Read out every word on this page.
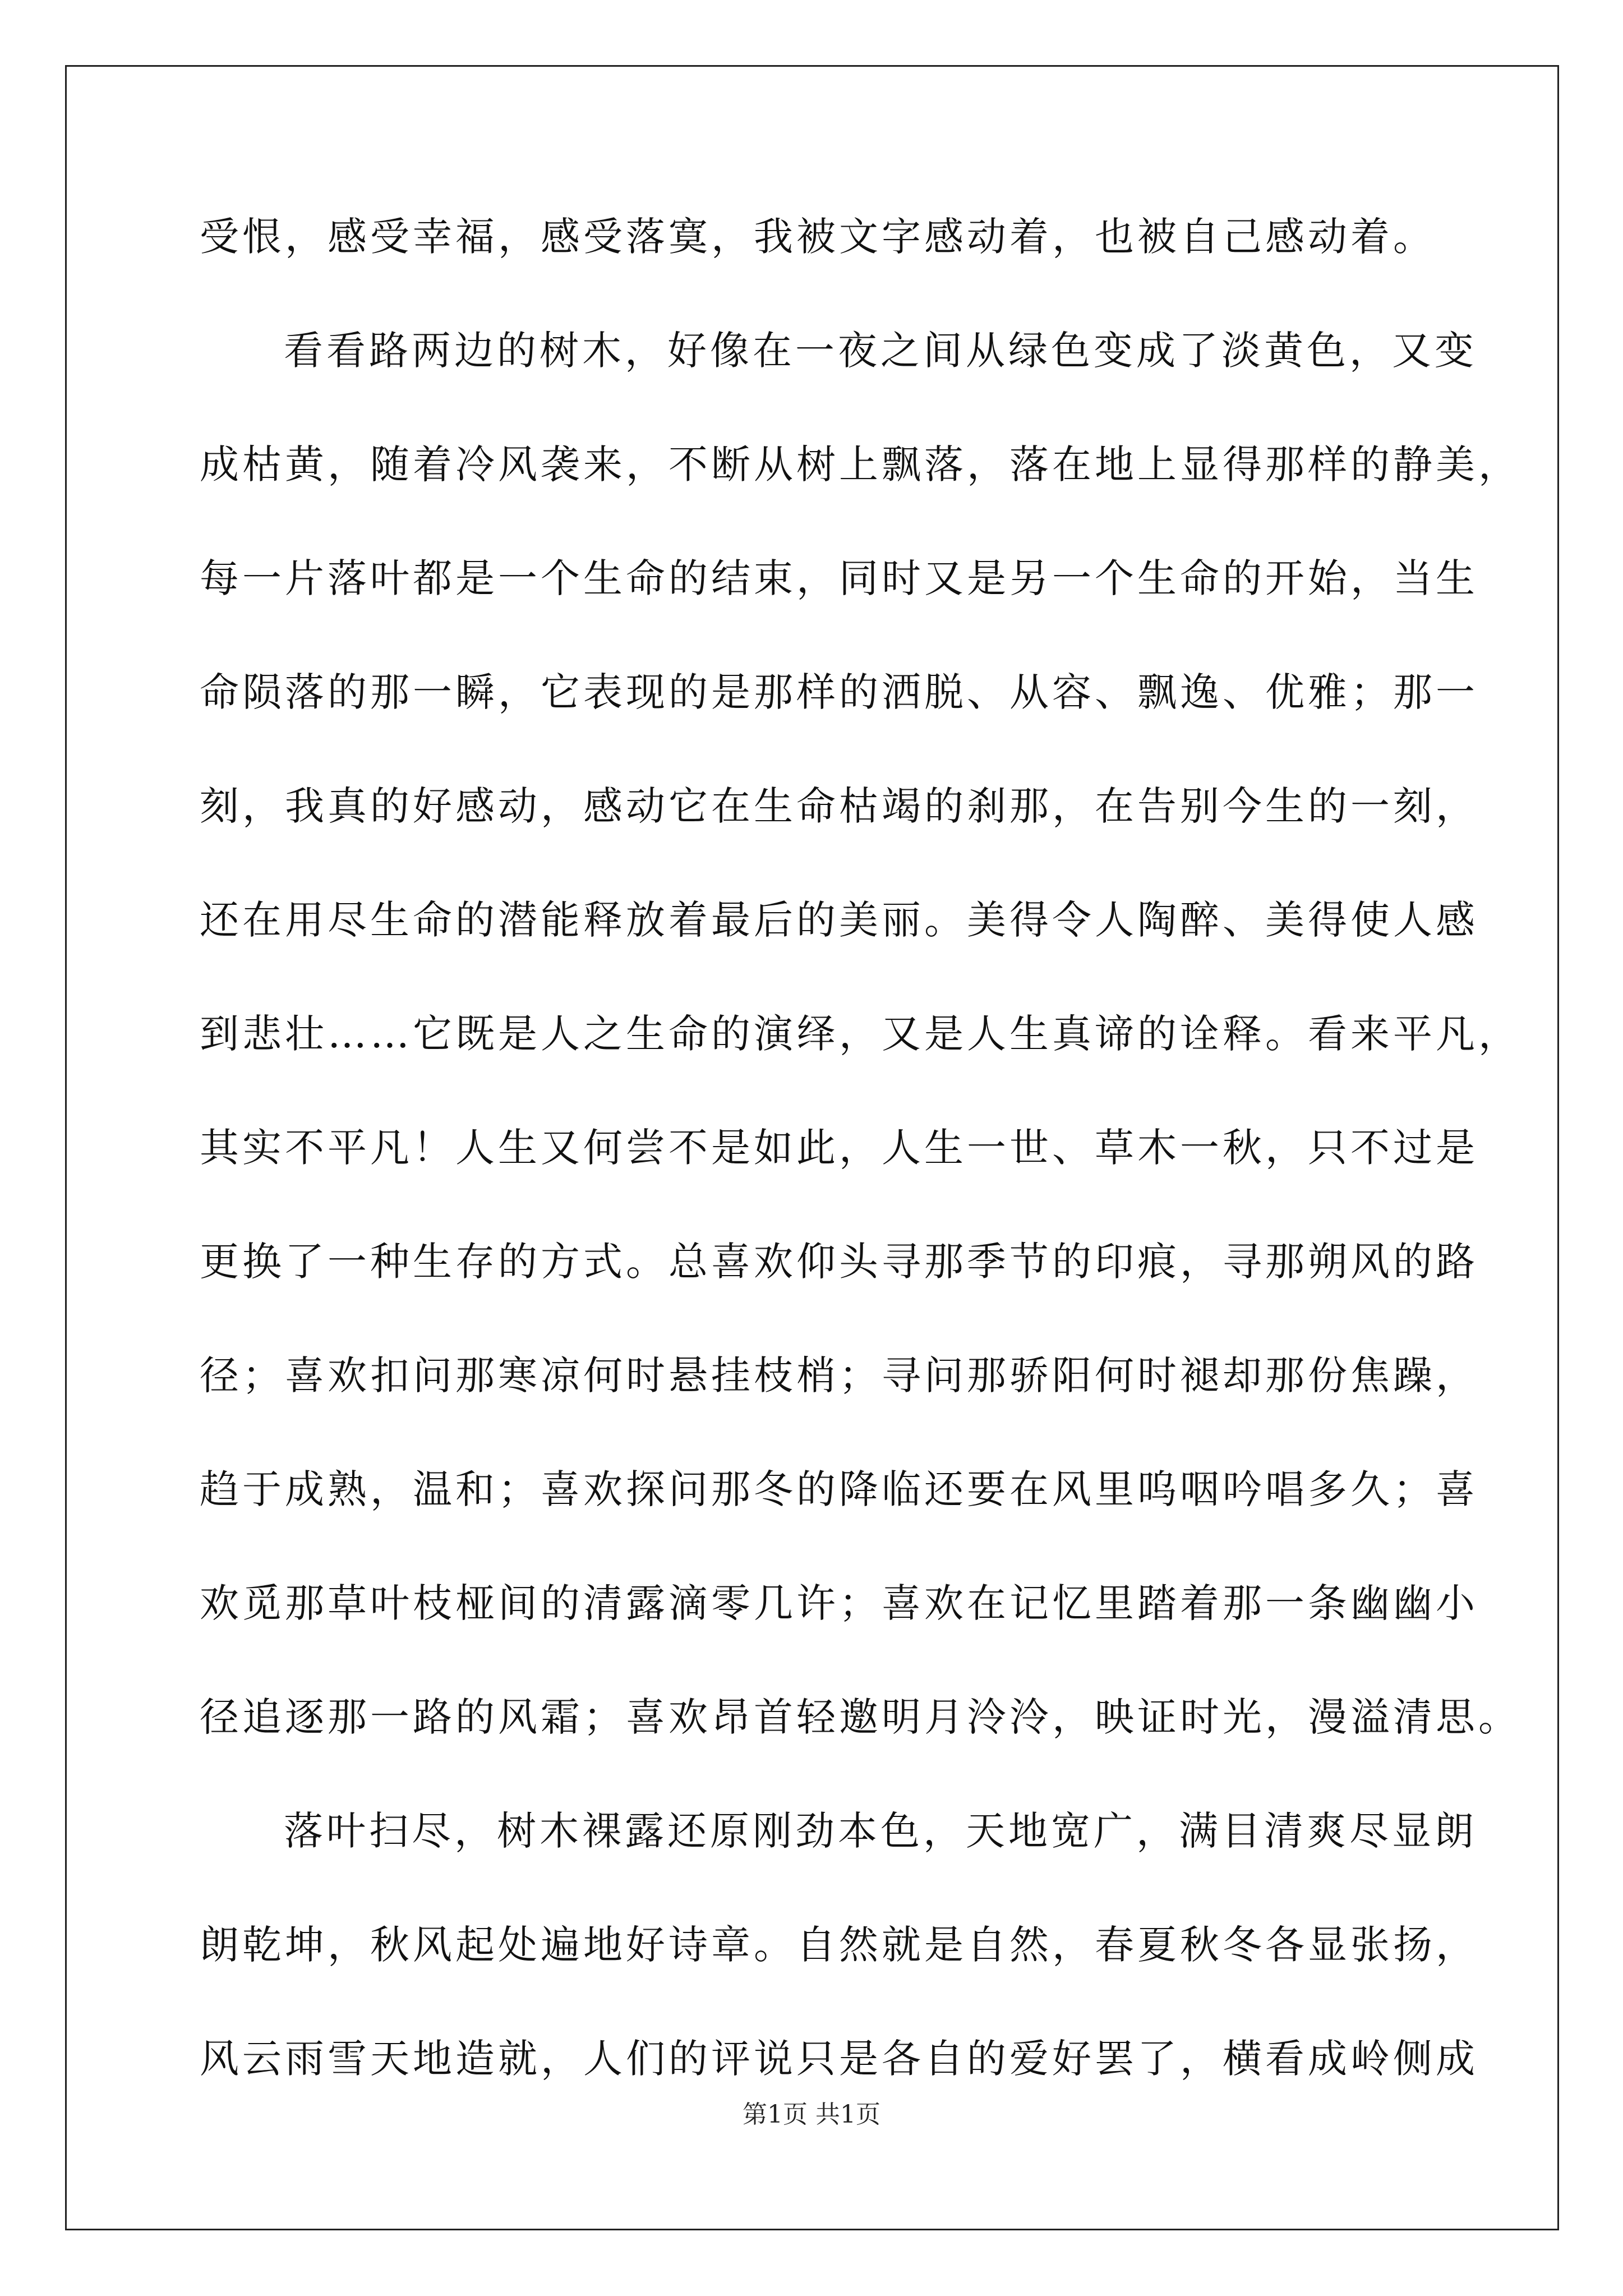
受恨，感受幸福，感受落寞，我被文字感动着，也被自己感动着。
看看路两边的树木，好像在一夜之间从绿色变成了淡黄色，又变
成枯黄，随着冷风袭来，不断从树上飘落，落在地上显得那样的静美，
每一片落叶都是一个生命的结束，同时又是另一个生命的开始，当生
命陨落的那一瞬，它表现的是那样的洒脱、从容、飘逸、优雅；那一
刻，我真的好感动，感动它在生命枯竭的刹那，在告别今生的一刻，
还在用尽生命的潜能释放着最后的美丽。美得令人陶醉、美得使人感
到悲壮……它既是人之生命的演绎，又是人生真谛的诠释。看来平凡，
其实不平凡！人生又何尝不是如此，人生一世、草木一秋，只不过是
更换了一种生存的方式。总喜欢仰头寻那季节的印痕，寻那朔风的路
径；喜欢扣问那寒凉何时悬挂枝梢；寻问那骄阳何时褪却那份焦躁，
趋于成熟，温和；喜欢探问那冬的降临还要在风里呜咽吟唱多久；喜
欢觅那草叶枝桠间的清露滴零几许；喜欢在记忆里踏着那一条幽幽小
径追逐那一路的风霜；喜欢昂首轻邀明月泠泠，映证时光，漫溢清思。
落叶扫尽，树木裸露还原刚劲本色，天地宽广，满目清爽尽显朗
朗乾坤，秋风起处遍地好诗章。自然就是自然，春夏秋冬各显张扬，
风云雨雪天地造就，人们的评说只是各自的爱好罢了，横看成岭侧成
第1页 共1页
